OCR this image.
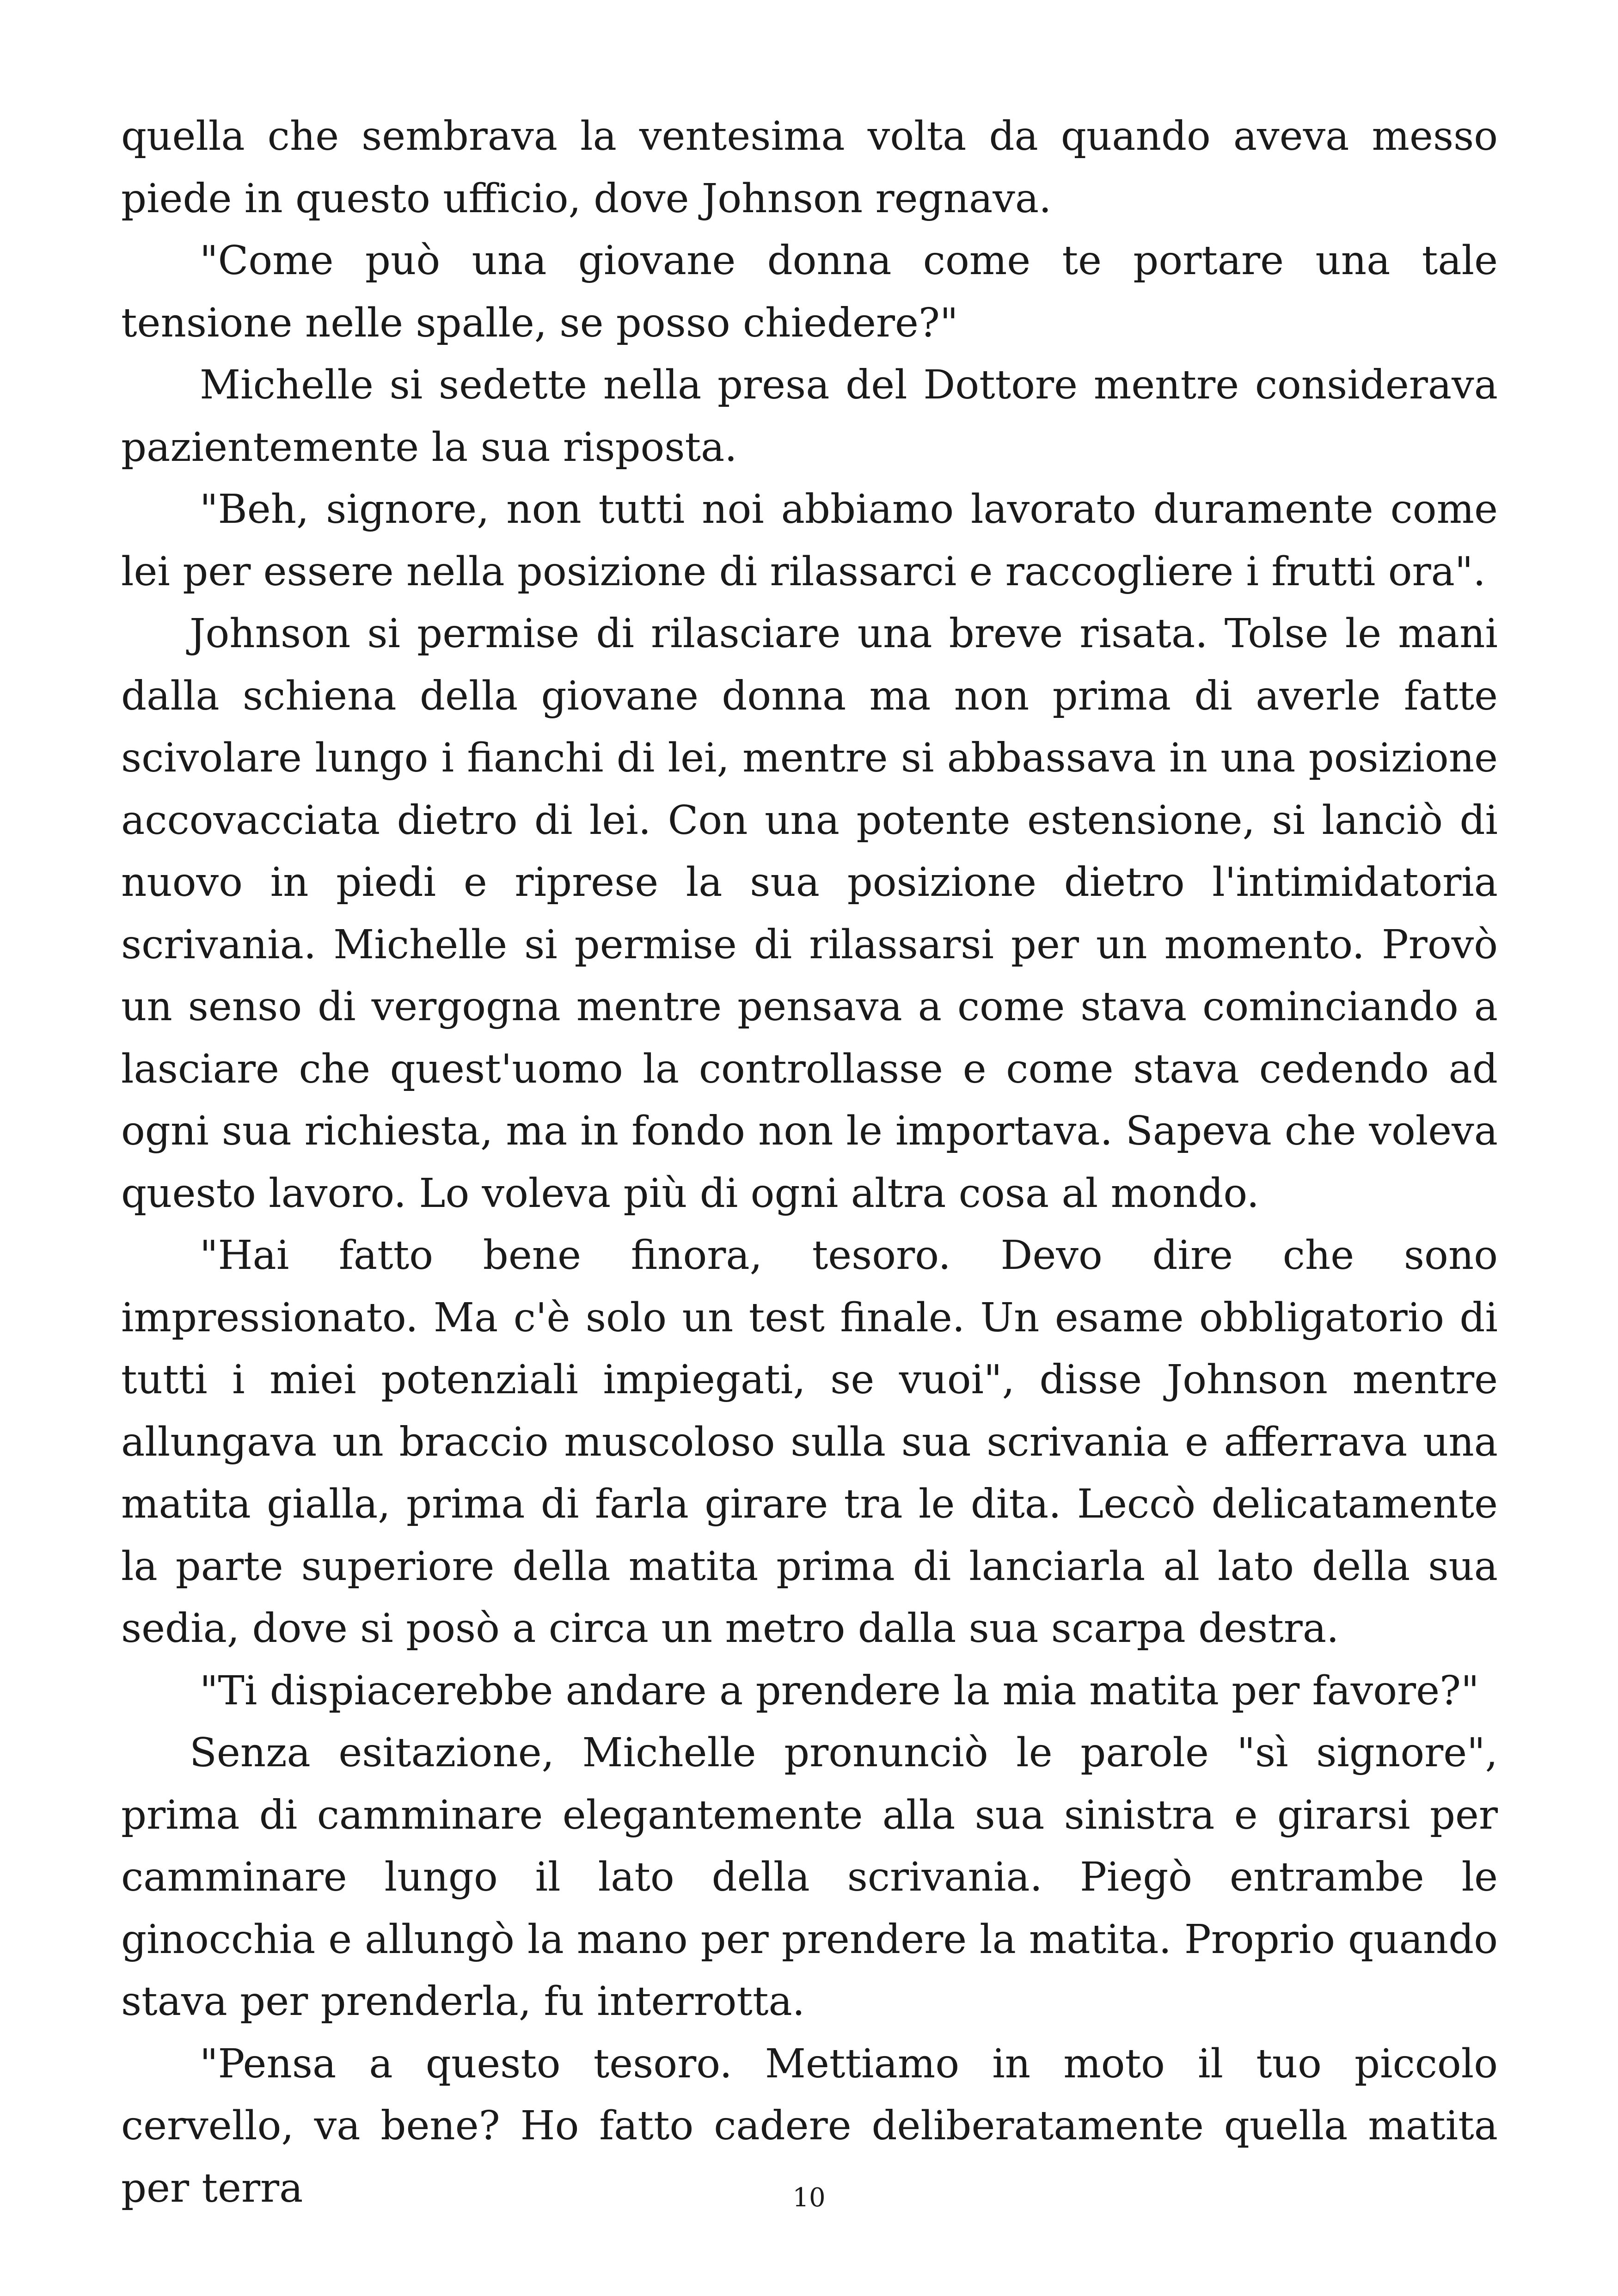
quella che sembrava la ventesima volta da quando aveva messo piede in questo ufficio, dove Johnson regnava.

"Come può una giovane donna come te portare una tale tensione nelle spalle, se posso chiedere?"

Michelle si sedette nella presa del Dottore mentre considerava pazientemente la sua risposta.

"Beh, signore, non tutti noi abbiamo lavorato duramente come lei per essere nella posizione di rilassarci e raccogliere i frutti ora".

Johnson si permise di rilasciare una breve risata. Tolse le mani dalla schiena della giovane donna ma non prima di averle fatte scivolare lungo i fianchi di lei, mentre si abbassava in una posizione accovacciata dietro di lei. Con una potente estensione, si lanciò di nuovo in piedi e riprese la sua posizione dietro l'intimidatoria scrivania. Michelle si permise di rilassarsi per un momento. Provò un senso di vergogna mentre pensava a come stava cominciando a lasciare che quest'uomo la controllasse e come stava cedendo ad ogni sua richiesta, ma in fondo non le importava. Sapeva che voleva questo lavoro. Lo voleva più di ogni altra cosa al mondo.

"Hai fatto bene finora, tesoro. Devo dire che sono impressionato. Ma c'è solo un test finale. Un esame obbligatorio di tutti i miei potenziali impiegati, se vuoi", disse Johnson mentre allungava un braccio muscoloso sulla sua scrivania e afferrava una matita gialla, prima di farla girare tra le dita. Leccò delicatamente la parte superiore della matita prima di lanciarla al lato della sua sedia, dove si posò a circa un metro dalla sua scarpa destra.

"Ti dispiacerebbe andare a prendere la mia matita per favore?"

Senza esitazione, Michelle pronunciò le parole "sì signore", prima di camminare elegantemente alla sua sinistra e girarsi per camminare lungo il lato della scrivania. Piegò entrambe le ginocchia e allungò la mano per prendere la matita. Proprio quando stava per prenderla, fu interrotta.

"Pensa a questo tesoro. Mettiamo in moto il tuo piccolo cervello, va bene? Ho fatto cadere deliberatamente quella matita per terra	10
